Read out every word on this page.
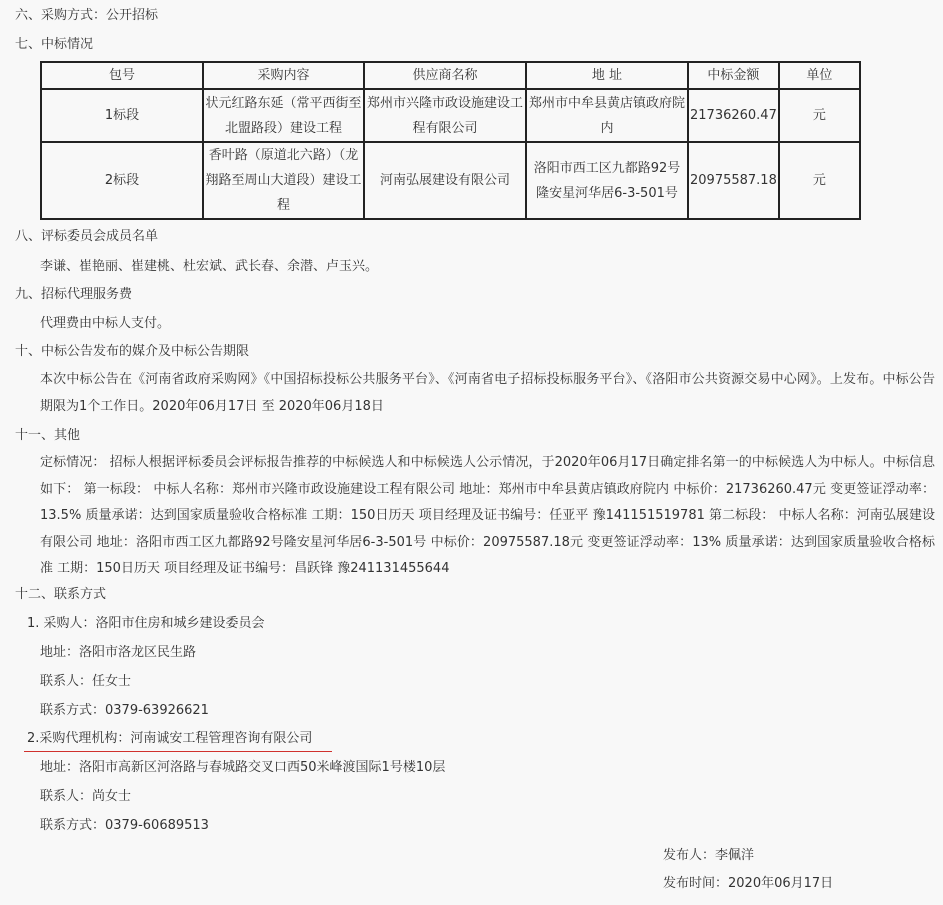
六、采购方式：公开招标
七、中标情况
包号	采购内容	供应商名称	地 址	中标金额	单位
1标段	状元红路东延（常平西街至北盟路段）建设工程	郑州市兴隆市政设施建设工程有限公司	郑州市中牟县黄店镇政府院内	21736260.47	元
2标段	香叶路（原道北六路）（龙翔路至周山大道段）建设工程	河南弘展建设有限公司	洛阳市西工区九都路92号隆安星河华居6-3-501号	20975587.18	元
八、评标委员会成员名单
李谦、崔艳丽、崔建桃、杜宏斌、武长春、余潜、卢玉兴。
九、招标代理服务费
代理费由中标人支付。
十、中标公告发布的媒介及中标公告期限
本次中标公告在《河南省政府采购网》《中国招标投标公共服务平台》、《河南省电子招标投标服务平台》、《洛阳市公共资源交易中心网》。上发布。中标公告期限为1个工作日。2020年06月17日 至 2020年06月18日
十一、其他
定标情况： 招标人根据评标委员会评标报告推荐的中标候选人和中标候选人公示情况，于2020年06月17日确定排名第一的中标候选人为中标人。中标信息如下： 第一标段： 中标人名称：郑州市兴隆市政设施建设工程有限公司 地址：郑州市中牟县黄店镇政府院内 中标价：21736260.47元 变更签证浮动率：13.5% 质量承诺：达到国家质量验收合格标准 工期：150日历天 项目经理及证书编号：任亚平 豫141151519781 第二标段： 中标人名称：河南弘展建设有限公司 地址：洛阳市西工区九都路92号隆安星河华居6-3-501号 中标价：20975587.18元 变更签证浮动率：13% 质量承诺：达到国家质量验收合格标准 工期：150日历天 项目经理及证书编号：昌跃锋 豫241131455644
十二、联系方式
1. 采购人：洛阳市住房和城乡建设委员会
地址：洛阳市洛龙区民生路
联系人：任女士
联系方式：0379-63926621
2.采购代理机构：河南诚安工程管理咨询有限公司
地址：洛阳市高新区河洛路与春城路交叉口西50米峰渡国际1号楼10层
联系人：尚女士
联系方式：0379-60689513
发布人：李佩洋
发布时间：2020年06月17日
